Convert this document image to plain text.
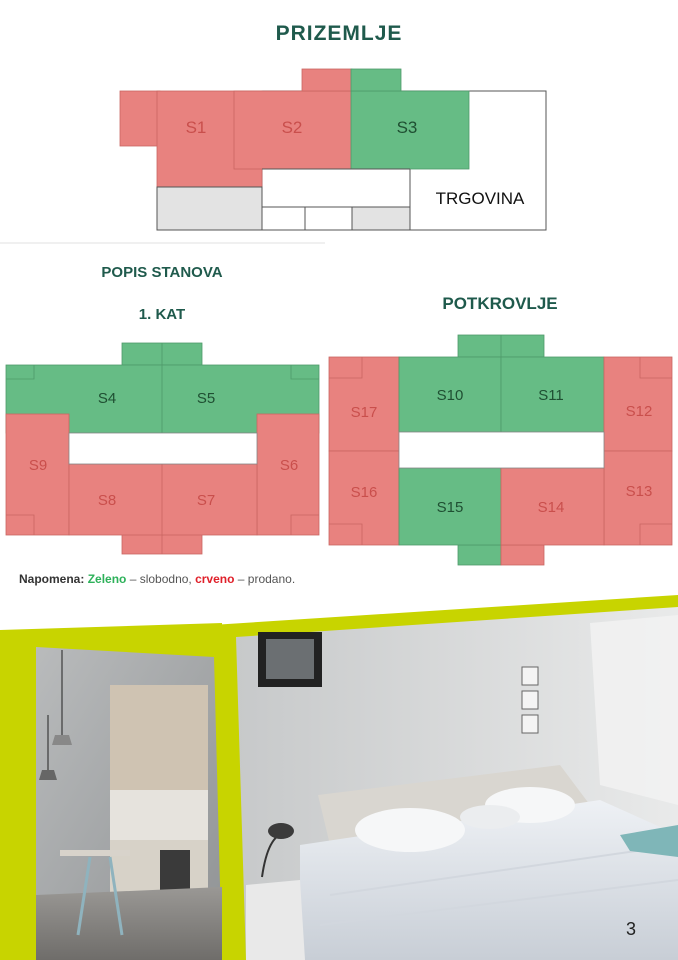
PRIZEMLJE
POPIS STANOVA
1. KAT
POTKROVLJE
S1	S2	S3
TRGOVINA
S4	S5
S6
S7
S8
S9
S10	S11
S12
S13
S14
S15
S16
S17
Napomena: Zeleno – slobodno, crveno – prodano.
3
